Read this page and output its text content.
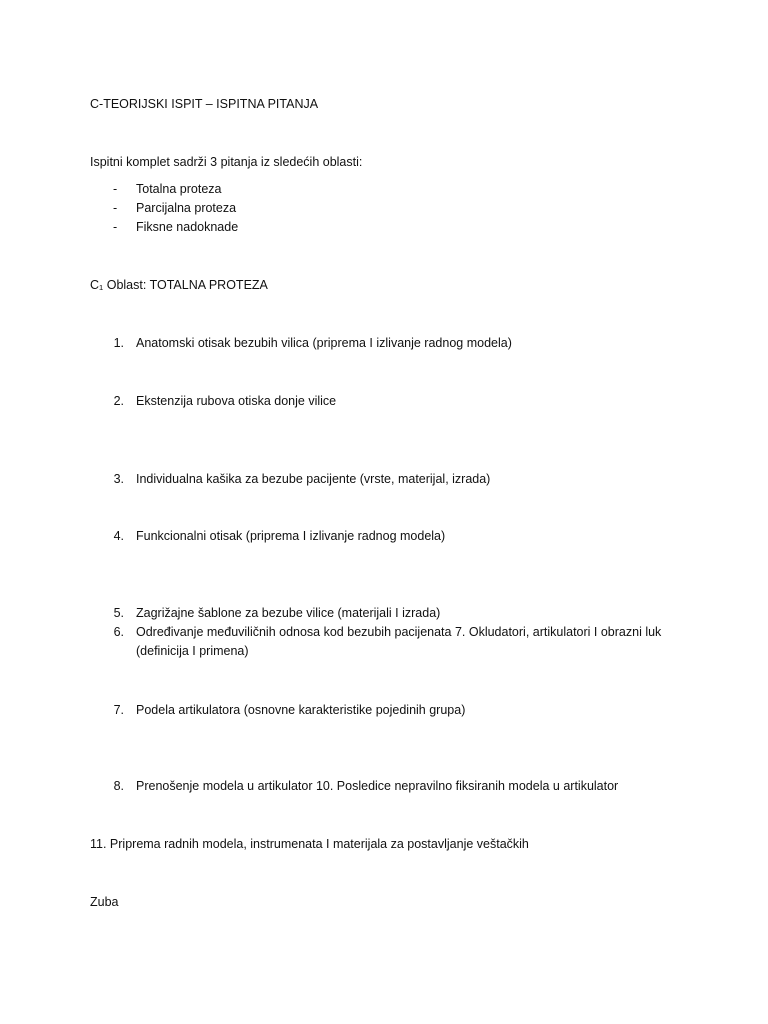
C-TEORIJSKI ISPIT – ISPITNA PITANJA
Ispitni komplet sadrži 3 pitanja iz sledećih oblasti:
- Totalna proteza
- Parcijalna proteza
- Fiksne nadoknade
C₁ Oblast: TOTALNA PROTEZA
1. Anatomski otisak bezubih vilica (priprema I izlivanje radnog modela)
2. Ekstenzija rubova otiska donje vilice
3. Individualna kašika za bezube pacijente (vrste, materijal, izrada)
4. Funkcionalni otisak (priprema I izlivanje radnog modela)
5. Zagrižajne šablone za bezube vilice (materijali I izrada)
6. Određivanje međuviličnih odnosa kod bezubih pacijenata 7. Okludatori, artikulatori I obrazni luk
(definicija I primena)
7. Podela artikulatora (osnovne karakteristike pojedinih grupa)
8. Prenošenje modela u artikulator 10. Posledice nepravilno fiksiranih modela u artikulator
11. Priprema radnih modela, instrumenata I materijala za postavljanje veštačkih
Zuba
